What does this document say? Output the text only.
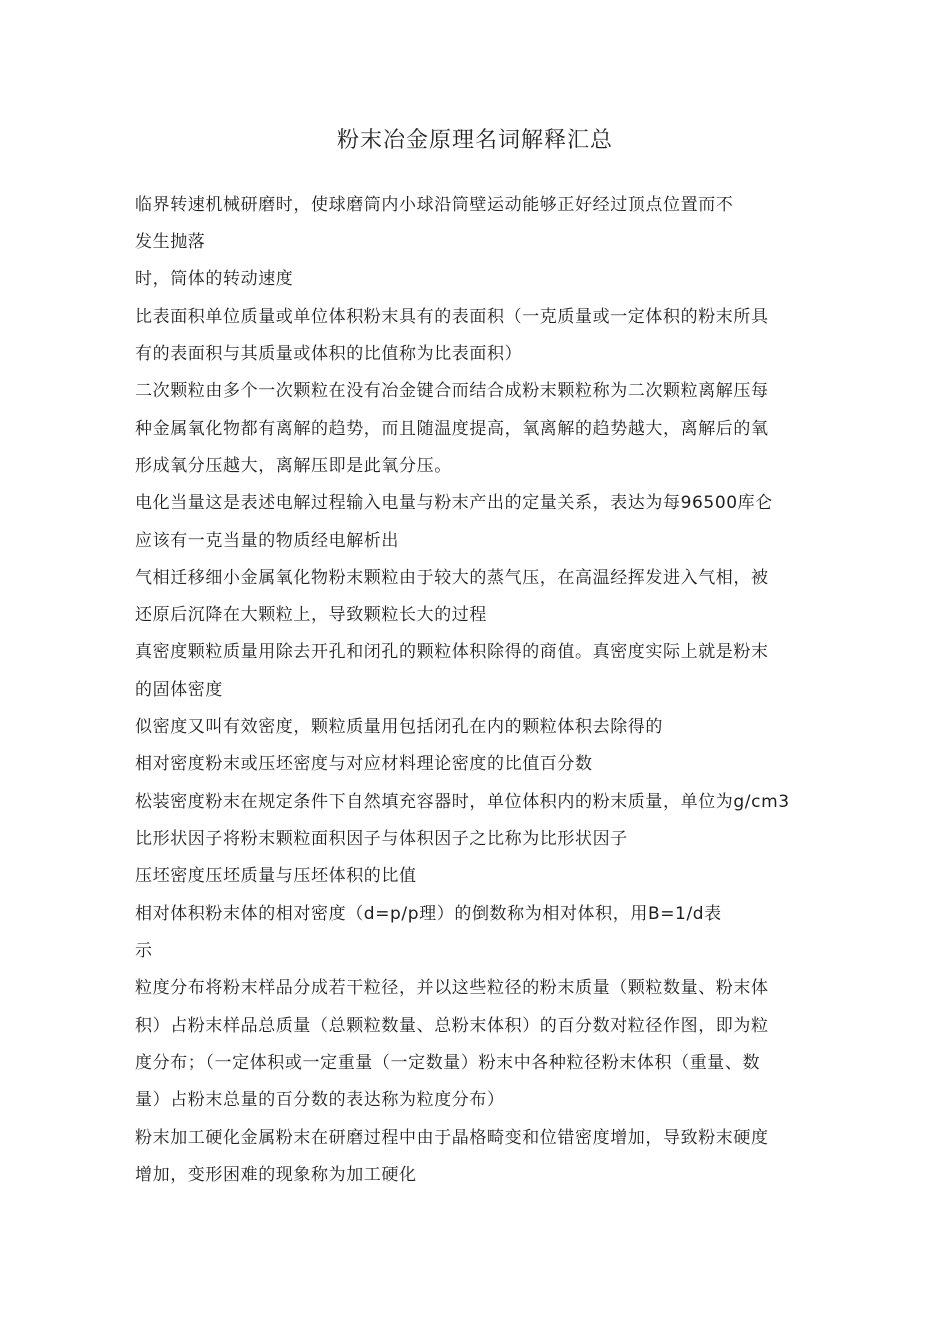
粉末冶金原理名词解释汇总
临界转速机械研磨时，使球磨筒内小球沿筒壁运动能够正好经过顶点位置而不
发生抛落
时，筒体的转动速度
比表面积单位质量或单位体积粉末具有的表面积（一克质量或一定体积的粉末所具
有的表面积与其质量或体积的比值称为比表面积）
二次颗粒由多个一次颗粒在没有冶金键合而结合成粉末颗粒称为二次颗粒离解压每
种金属氧化物都有离解的趋势，而且随温度提高，氧离解的趋势越大，离解后的氧
形成氧分压越大，离解压即是此氧分压。
电化当量这是表述电解过程输入电量与粉末产出的定量关系，表达为每96500库仑
应该有一克当量的物质经电解析出
气相迁移细小金属氧化物粉末颗粒由于较大的蒸气压，在高温经挥发进入气相，被
还原后沉降在大颗粒上，导致颗粒长大的过程
真密度颗粒质量用除去开孔和闭孔的颗粒体积除得的商值。真密度实际上就是粉末
的固体密度
似密度又叫有效密度，颗粒质量用包括闭孔在内的颗粒体积去除得的
相对密度粉末或压坯密度与对应材料理论密度的比值百分数
松装密度粉末在规定条件下自然填充容器时，单位体积内的粉末质量，单位为g/cm3
比形状因子将粉末颗粒面积因子与体积因子之比称为比形状因子
压坯密度压坯质量与压坯体积的比值
相对体积粉末体的相对密度（d=p/p理）的倒数称为相对体积，用B=1/d表
示
粒度分布将粉末样品分成若干粒径，并以这些粒径的粉末质量（颗粒数量、粉末体
积）占粉末样品总质量（总颗粒数量、总粉末体积）的百分数对粒径作图，即为粒
度分布；（一定体积或一定重量（一定数量）粉末中各种粒径粉末体积（重量、数
量）占粉末总量的百分数的表达称为粒度分布）
粉末加工硬化金属粉末在研磨过程中由于晶格畸变和位错密度增加，导致粉末硬度
增加，变形困难的现象称为加工硬化
